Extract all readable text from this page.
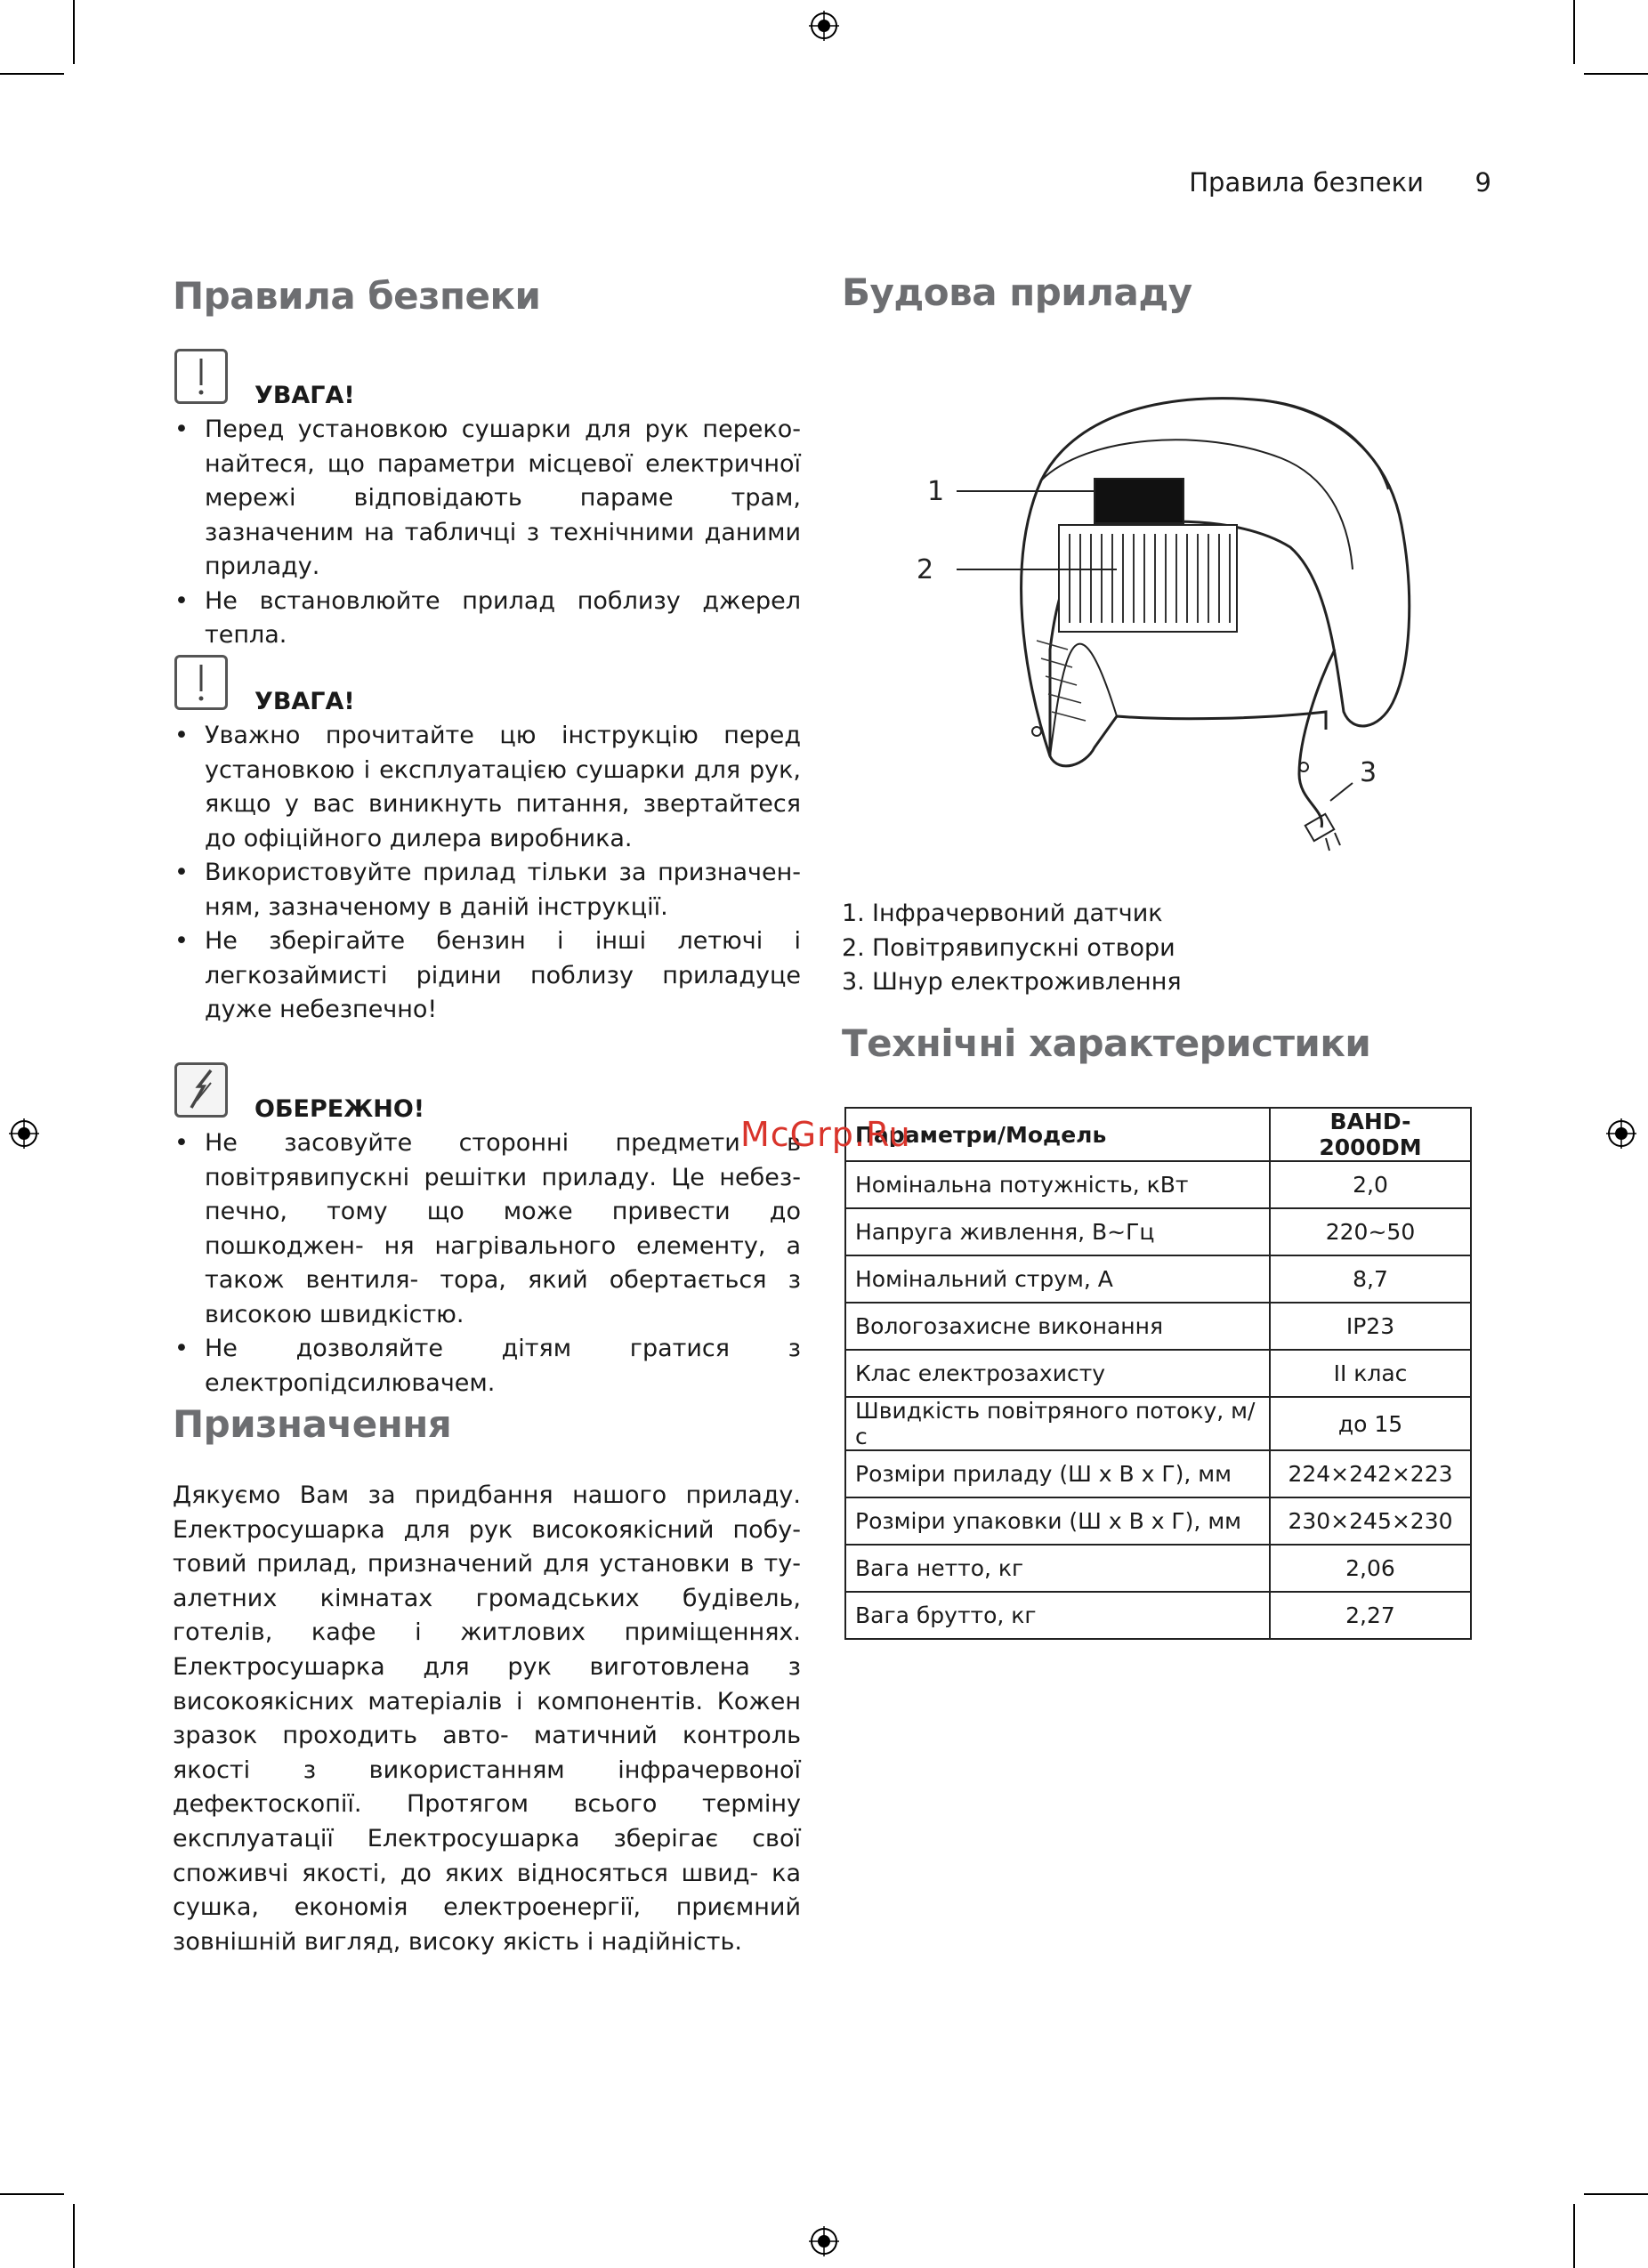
Правила безпеки 9
Правила безпеки
УВАГА!
• Перед установкою сушарки для рук переко- найтеся, що параметри місцевої електричної мережі відповідають параме трам, зазначеним на табличці з технічними даними приладу.
• Не встановлюйте прилад поблизу джерел тепла.
УВАГА!
• Уважно прочитайте цю інструкцію перед установкою і експлуатацією сушарки для рук, якщо у вас виникнуть питання, звертайтеся до офіційного дилера виробника.
• Використовуйте прилад тільки за призначен- ням, зазначеному в даній інструкції.
• Не зберігайте бензин і інші летючі і легкозаймисті рідини поблизу приладуце дуже небезпечно!
ОБЕРЕЖНО!
• Не засовуйте сторонні предмети в повітрявипускні решітки приладу. Це небез- печно, тому що може привести до пошкоджен- ня нагрівального елементу, а також вентиля- тора, який обертається з високою швидкістю.
• Не дозволяйте дітям гратися з електропідсилювачем.
Призначення
Дякуємо Вам за придбання нашого приладу. Електросушарка для рук високоякісний побу- товий прилад, призначений для установки в ту- алетних кімнатах громадських будівель, готелів, кафе і житлових приміщеннях. Електросушарка для рук виготовлена з високоякісних матеріалів і компонентів. Кожен зразок проходить авто- матичний контроль якості з використанням інфрачервоної дефектоскопії. Протягом всього терміну експлуатації Електросушарка зберігає свої споживчі якості, до яких відносяться швид- ка сушка, економія електроенергії, приємний зовнішній вигляд, високу якість і надійність.
Будова приладу
1
2
3
1. Інфрачервоний датчик
2. Повітрявипускні отвори
3. Шнур електроживлення
Технічні характеристики
Параметри/Модель	BAHD-2000DM
Номінальна потужність, кВт	2,0
Напруга живлення, В~Гц	220~50
Номінальний струм, А	8,7
Вологозахисне виконання	IP23
Клас електрозахисту	II клас
Швидкість повітряного потоку, м/с	до 15
Розміри приладу (Ш х В х Г), мм	224×242×223
Розміри упаковки (Ш х В х Г), мм	230×245×230
Вага нетто, кг	2,06
Вага брутто, кг	2,27
McGrp.Ru
